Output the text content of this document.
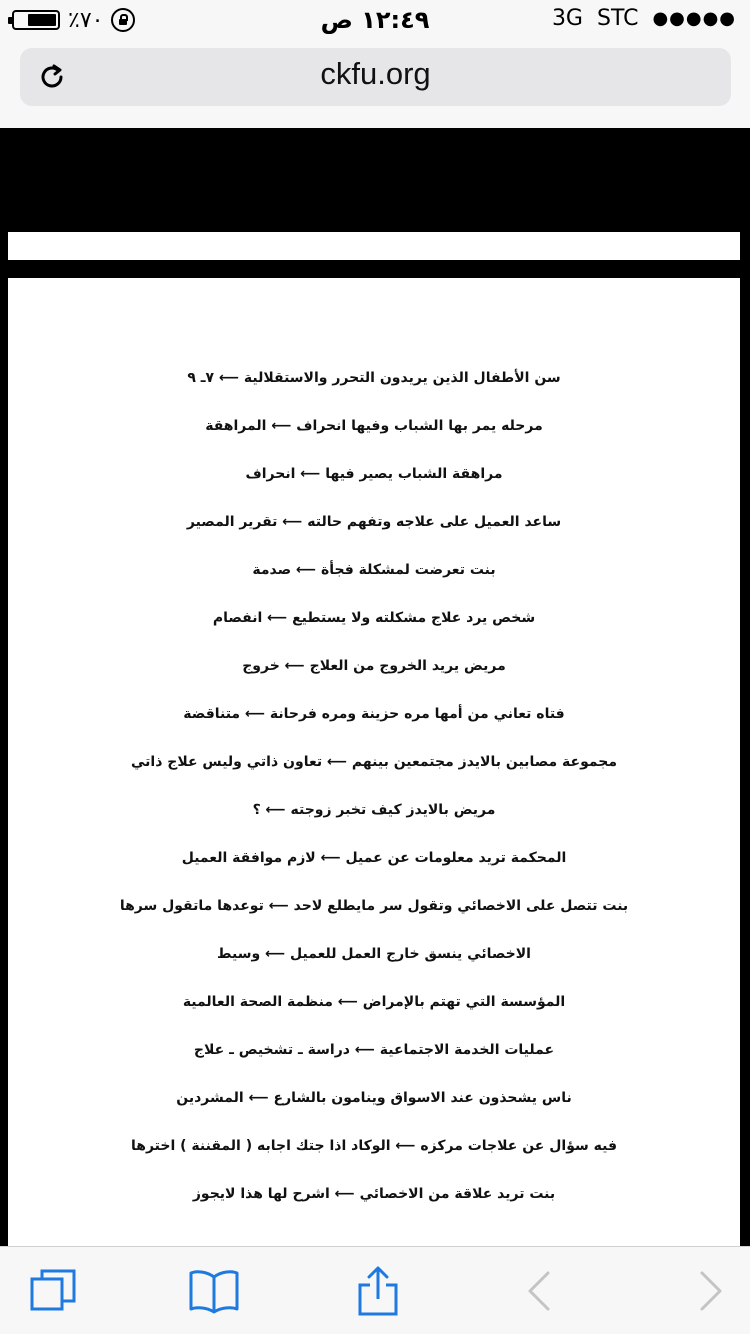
٪٧٠	١٢:٤٩ ص	3G STC ●●●●●
ckfu.org
سن الأطفال الذين يريدون التحرر والاستقلالية ⟵ ٧ـ ٩
مرحله يمر بها الشباب وفيها انحراف ⟵ المراهقة
مراهقة الشباب يصير فيها ⟵ انحراف
ساعد العميل على علاجه وتفهم حالته ⟵ تقرير المصير
بنت تعرضت لمشكلة فجأة ⟵ صدمة
شخص يرد علاج مشكلته ولا يستطيع ⟵ انفصام
مريض يريد الخروج من العلاج ⟵ خروج
فتاه تعاني من أمها مره حزينة ومره فرحانة ⟵ متناقضة
مجموعة مصابين بالايدز مجتمعين بينهم ⟵ تعاون ذاتي وليس علاج ذاتي
مريض بالايدز كيف تخبر زوجته ⟵ ؟
المحكمة تريد معلومات عن عميل ⟵ لازم موافقة العميل
بنت تتصل على الاخصائي وتقول سر مايطلع لاحد ⟵ توعدها ماتقول سرها
الاخصائي ينسق خارج العمل للعميل ⟵ وسيط
المؤسسة التي تهتم بالإمراض ⟵ منظمة الصحة العالمية
عمليات الخدمة الاجتماعية ⟵ دراسة ـ تشخيص ـ علاج
ناس يشحذون عند الاسواق وينامون بالشارع ⟵ المشردين
فيه سؤال عن علاجات مركزه ⟵ الوكاد اذا جتك اجابه ( المقننة ) اخترها
بنت تريد علاقة من الاخصائي ⟵ اشرح لها هذا لايجوز
